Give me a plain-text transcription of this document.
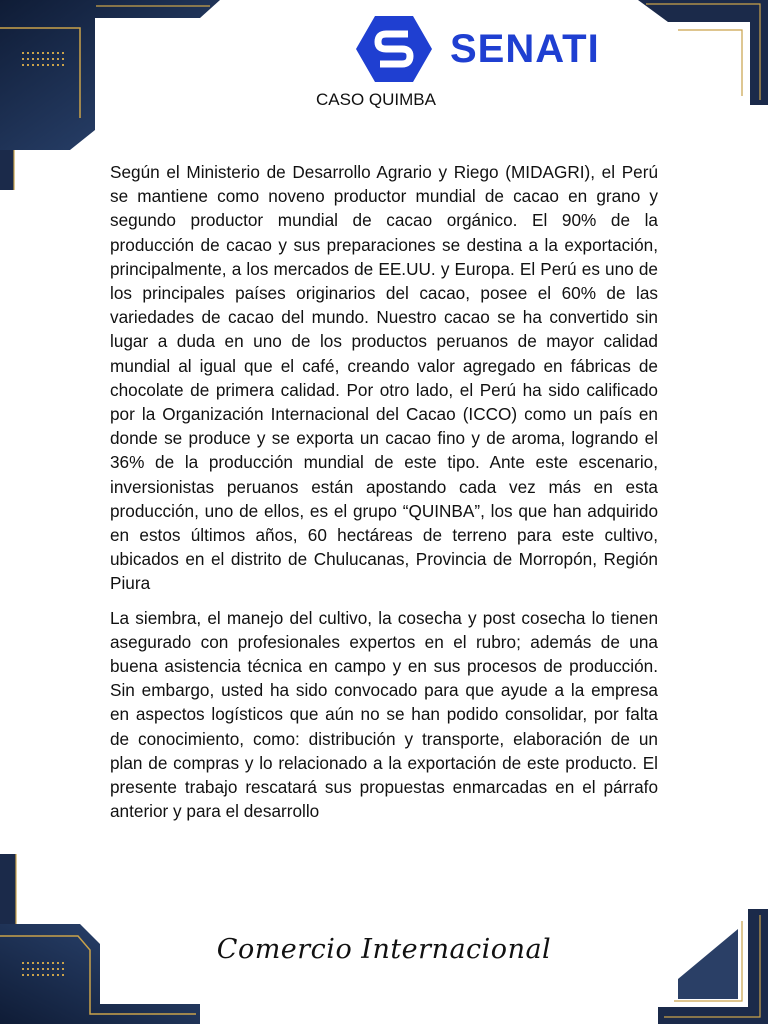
SENATI
CASO QUIMBA

Según el Ministerio de Desarrollo Agrario y Riego (MIDAGRI), el Perú se mantiene como noveno productor mundial de cacao en grano y segundo productor mundial de cacao orgánico. El 90% de la producción de cacao y sus preparaciones se destina a la exportación, principalmente, a los mercados de EE.UU. y Europa. El Perú es uno de los principales países originarios del cacao, posee el 60% de las variedades de cacao del mundo. Nuestro cacao se ha convertido sin lugar a duda en uno de los productos peruanos de mayor calidad mundial al igual que el café, creando valor agregado en fábricas de chocolate de primera calidad. Por otro lado, el Perú ha sido calificado por la Organización Internacional del Cacao (ICCO) como un país en donde se produce y se exporta un cacao fino y de aroma, logrando el 36% de la producción mundial de este tipo. Ante este escenario, inversionistas peruanos están apostando cada vez más en esta producción, uno de ellos, es el grupo “QUINBA”, los que han adquirido en estos últimos años, 60 hectáreas de terreno para este cultivo, ubicados en el distrito de Chulucanas, Provincia de Morropón, Región Piura

La siembra, el manejo del cultivo, la cosecha y post cosecha lo tienen asegurado con profesionales expertos en el rubro; además de una buena asistencia técnica en campo y en sus procesos de producción. Sin embargo, usted ha sido convocado para que ayude a la empresa en aspectos logísticos que aún no se han podido consolidar, por falta de conocimiento, como: distribución y transporte, elaboración de un plan de compras y lo relacionado a la exportación de este producto. El presente trabajo rescatará sus propuestas enmarcadas en el párrafo anterior y para el desarrollo

Comercio Internacional
